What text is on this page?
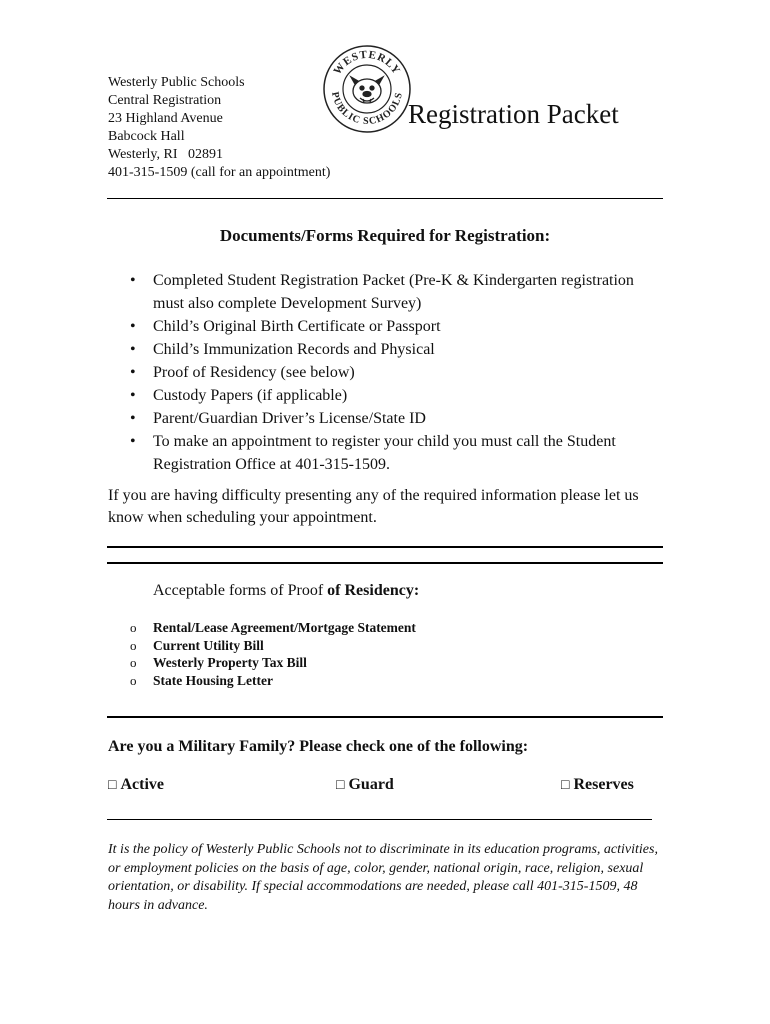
Westerly Public Schools
Central Registration
23 Highland Avenue
Babcock Hall
Westerly, RI   02891
401-315-1509 (call for an appointment)
WESTERLY
PUBLIC SCHOOLS
Registration Packet
Documents/Forms Required for Registration:
• Completed Student Registration Packet (Pre-K & Kindergarten registration must also complete Development Survey)
• Child’s Original Birth Certificate or Passport
• Child’s Immunization Records and Physical
• Proof of Residency (see below)
• Custody Papers (if applicable)
• Parent/Guardian Driver’s License/State ID
• To make an appointment to register your child you must call the Student Registration Office at 401-315-1509.
If you are having difficulty presenting any of the required information please let us know when scheduling your appointment.
Acceptable forms of Proof of Residency:
o Rental/Lease Agreement/Mortgage Statement
o Current Utility Bill
o Westerly Property Tax Bill
o State Housing Letter
Are you a Military Family? Please check one of the following:
□ Active	□ Guard	□ Reserves
It is the policy of Westerly Public Schools not to discriminate in its education programs, activities, or employment policies on the basis of age, color, gender, national origin, race, religion, sexual orientation, or disability. If special accommodations are needed, please call 401-315-1509, 48 hours in advance.
